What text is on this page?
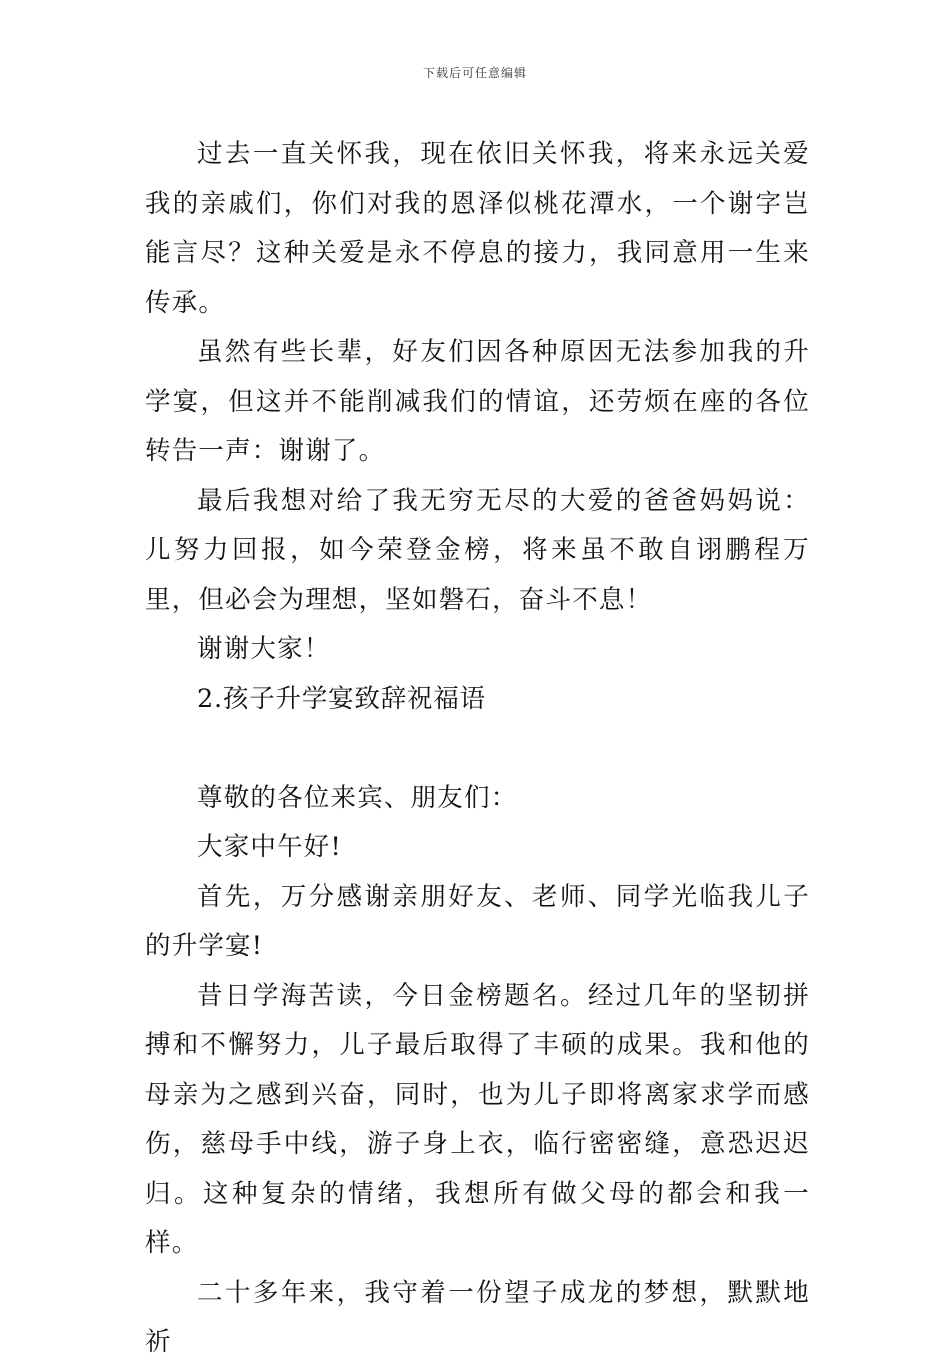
下载后可任意编辑

过去一直关怀我，现在依旧关怀我，将来永远关爱我的亲戚们，你们对我的恩泽似桃花潭水，一个谢字岂能言尽？这种关爱是永不停息的接力，我同意用一生来传承。

虽然有些长辈，好友们因各种原因无法参加我的升学宴，但这并不能削减我们的情谊，还劳烦在座的各位转告一声：谢谢了。

最后我想对给了我无穷无尽的大爱的爸爸妈妈说：儿努力回报，如今荣登金榜，将来虽不敢自诩鹏程万里，但必会为理想，坚如磐石，奋斗不息！

谢谢大家！

2.孩子升学宴致辞祝福语

尊敬的各位来宾、朋友们：

大家中午好!

首先，万分感谢亲朋好友、老师、同学光临我儿子的升学宴!

昔日学海苦读，今日金榜题名。经过几年的坚韧拼搏和不懈努力，儿子最后取得了丰硕的成果。我和他的母亲为之感到兴奋，同时，也为儿子即将离家求学而感伤，慈母手中线，游子身上衣，临行密密缝，意恐迟迟归。这种复杂的情绪，我想所有做父母的都会和我一样。

二十多年来，我守着一份望子成龙的梦想，默默地祈
